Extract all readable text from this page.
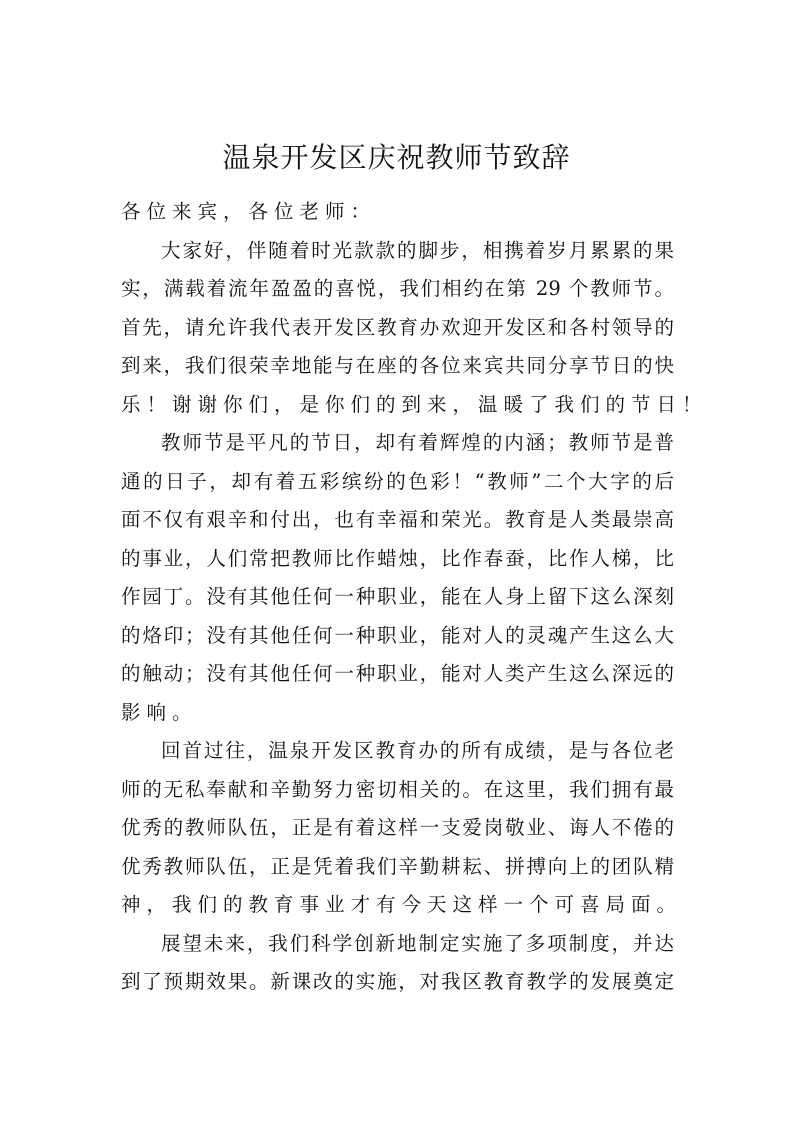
温泉开发区庆祝教师节致辞
各位来宾，各位老师：
大家好，伴随着时光款款的脚步，相携着岁月累累的果
实，满载着流年盈盈的喜悦，我们相约在第 29 个教师节。
首先，请允许我代表开发区教育办欢迎开发区和各村领导的
到来，我们很荣幸地能与在座的各位来宾共同分享节日的快
乐！谢谢你们，是你们的到来，温暖了我们的节日！
教师节是平凡的节日，却有着辉煌的内涵；教师节是普
通的日子，却有着五彩缤纷的色彩！“教师”二个大字的后
面不仅有艰辛和付出，也有幸福和荣光。教育是人类最崇高
的事业，人们常把教师比作蜡烛，比作春蚕，比作人梯，比
作园丁。没有其他任何一种职业，能在人身上留下这么深刻
的烙印；没有其他任何一种职业，能对人的灵魂产生这么大
的触动；没有其他任何一种职业，能对人类产生这么深远的
影响。
回首过往，温泉开发区教育办的所有成绩，是与各位老
师的无私奉献和辛勤努力密切相关的。在这里，我们拥有最
优秀的教师队伍，正是有着这样一支爱岗敬业、诲人不倦的
优秀教师队伍，正是凭着我们辛勤耕耘、拼搏向上的团队精
神，我们的教育事业才有今天这样一个可喜局面。
展望未来，我们科学创新地制定实施了多项制度，并达
到了预期效果。新课改的实施，对我区教育教学的发展奠定
